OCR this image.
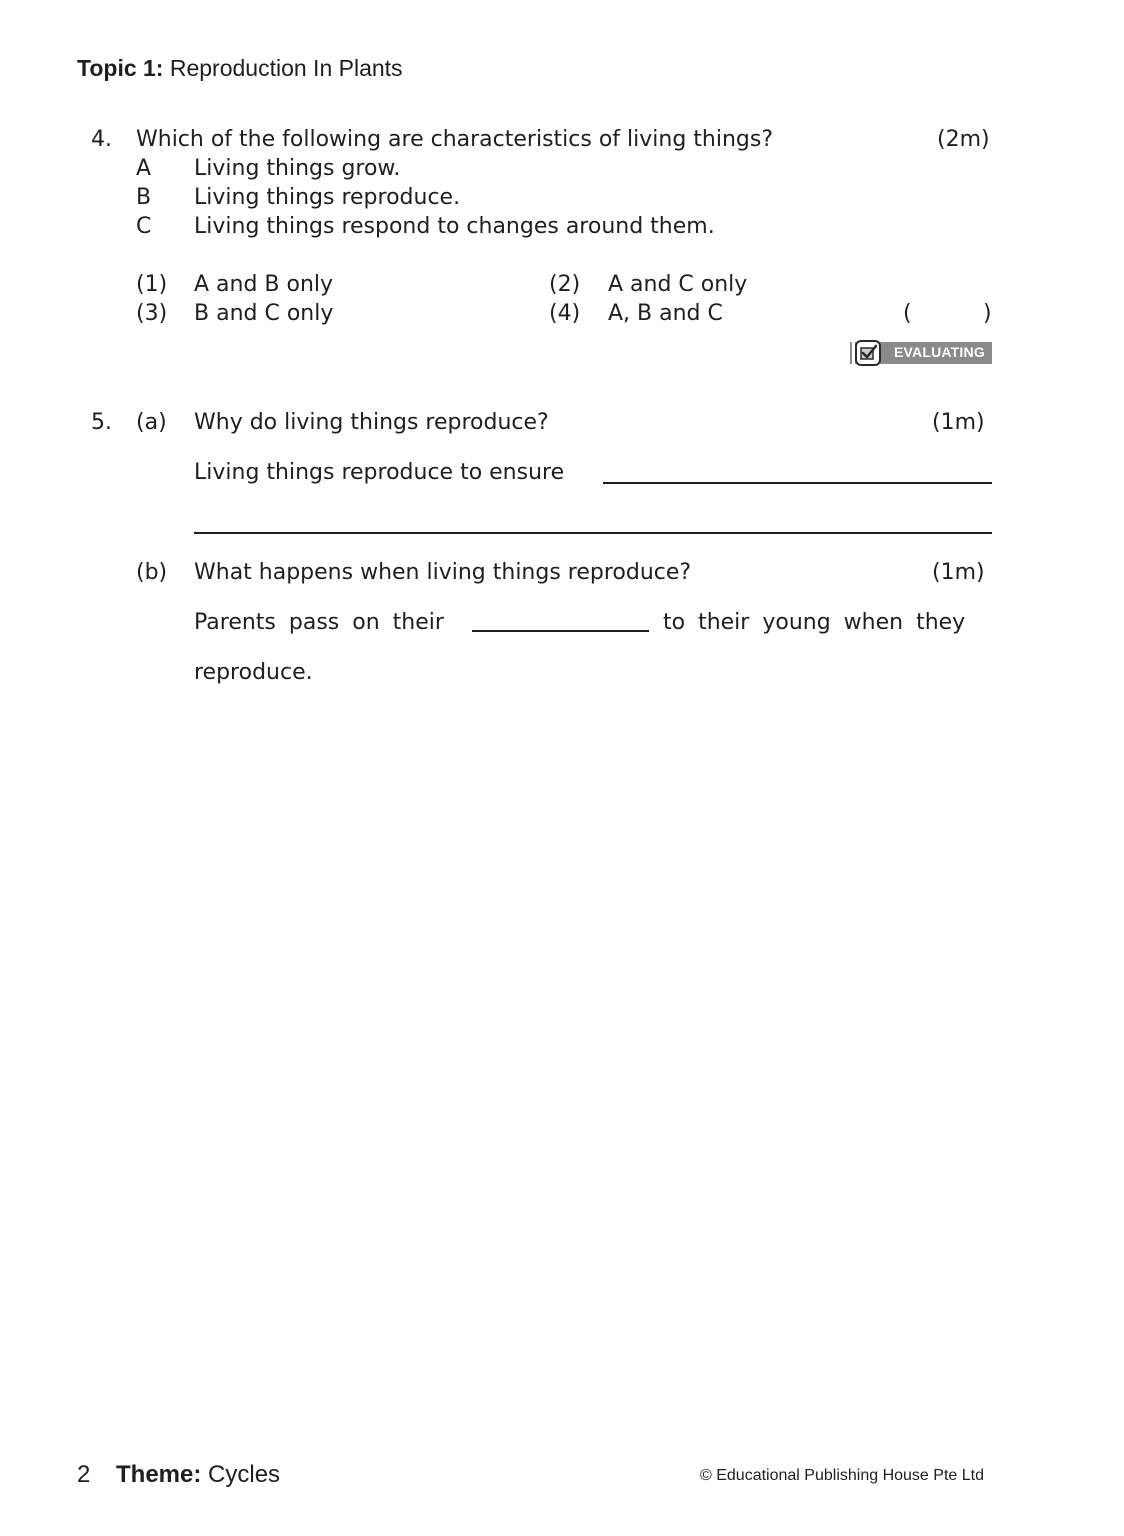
Topic 1: Reproduction In Plants
4. Which of the following are characteristics of living things?	(2m)
A Living things grow.
B Living things reproduce.
C Living things respond to changes around them.
(1) A and B only	(2) A and C only
(3) B and C only	(4) A, B and C	(	)
EVALUATING
5. (a) Why do living things reproduce?	(1m)
Living things reproduce to ensure
(b) What happens when living things reproduce?	(1m)
Parents pass on their	to their young when they
reproduce.
2 Theme: Cycles	© Educational Publishing House Pte Ltd
